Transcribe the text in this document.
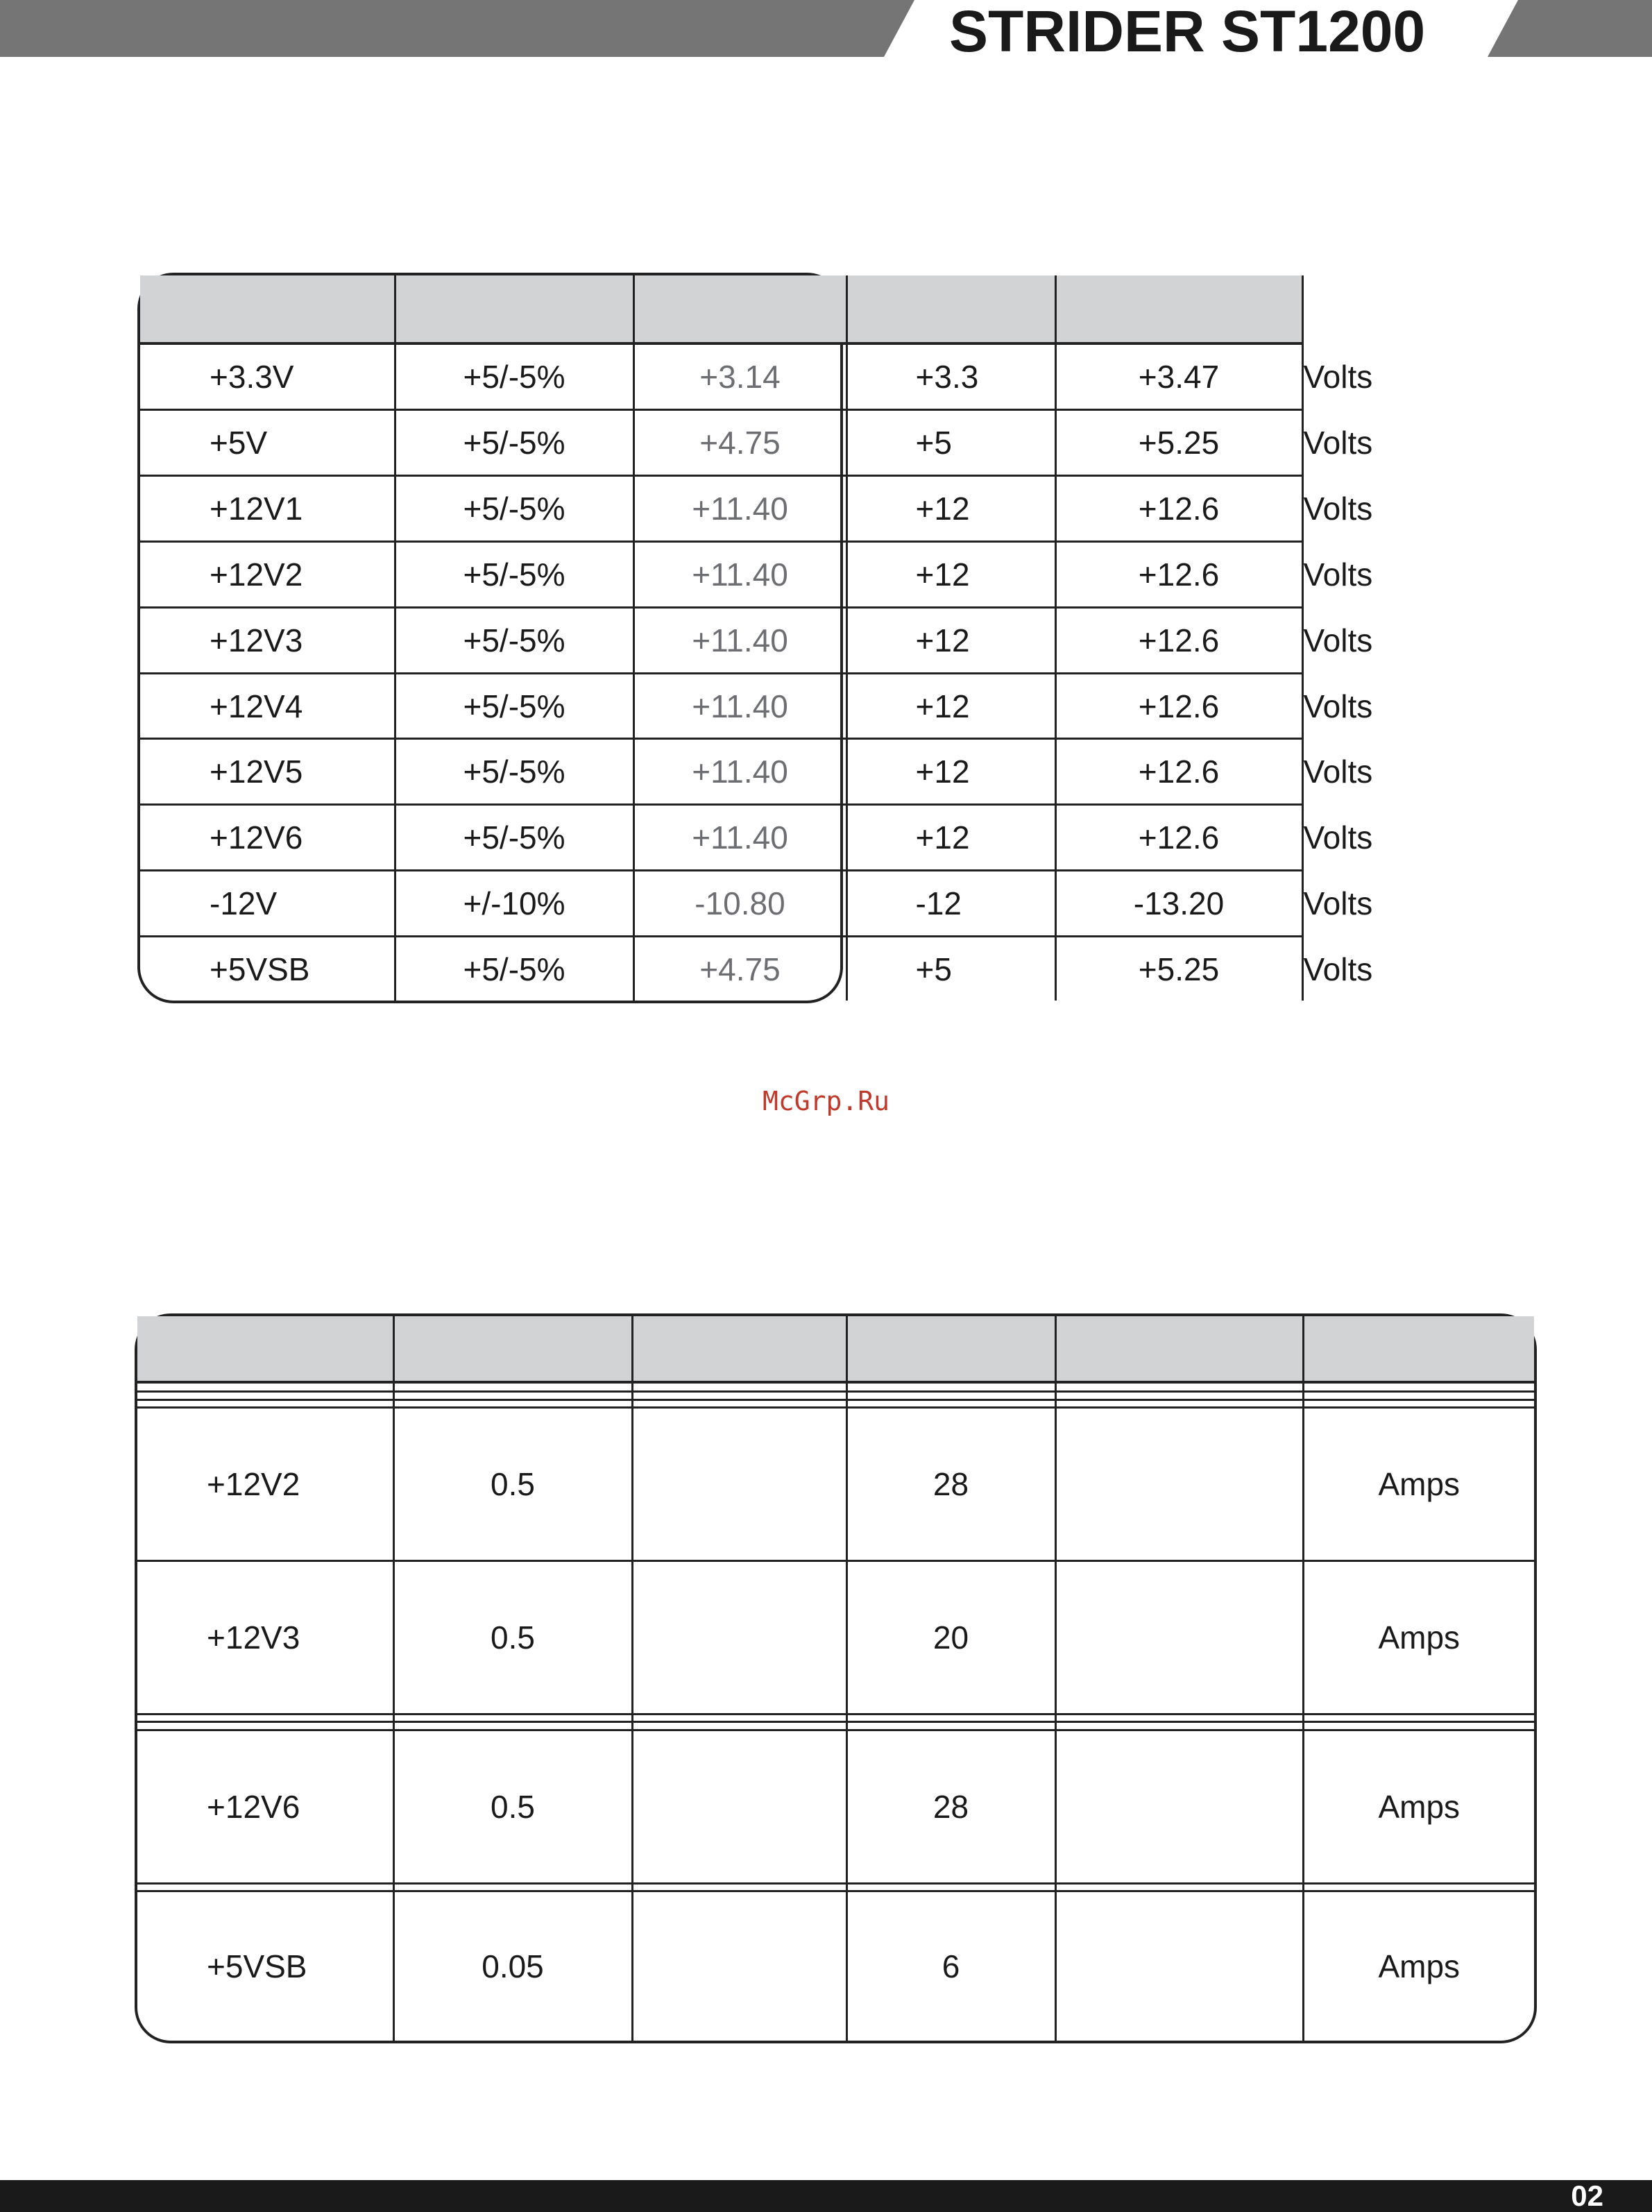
STRIDER ST1200

+3.3V	+5/-5%	+3.14	+3.3	+3.47	Volts
+5V	+5/-5%	+4.75	+5	+5.25	Volts
+12V1	+5/-5%	+11.40	+12	+12.6	Volts
+12V2	+5/-5%	+11.40	+12	+12.6	Volts
+12V3	+5/-5%	+11.40	+12	+12.6	Volts
+12V4	+5/-5%	+11.40	+12	+12.6	Volts
+12V5	+5/-5%	+11.40	+12	+12.6	Volts
+12V6	+5/-5%	+11.40	+12	+12.6	Volts
-12V	+/-10%	-10.80	-12	-13.20	Volts
+5VSB	+5/-5%	+4.75	+5	+5.25	Volts
McGrp.Ru

+12V2	0.5		28		Amps
+12V3	0.5		20		Amps

+12V6	0.5		28		Amps

+5VSB	0.05		6		Amps
02
